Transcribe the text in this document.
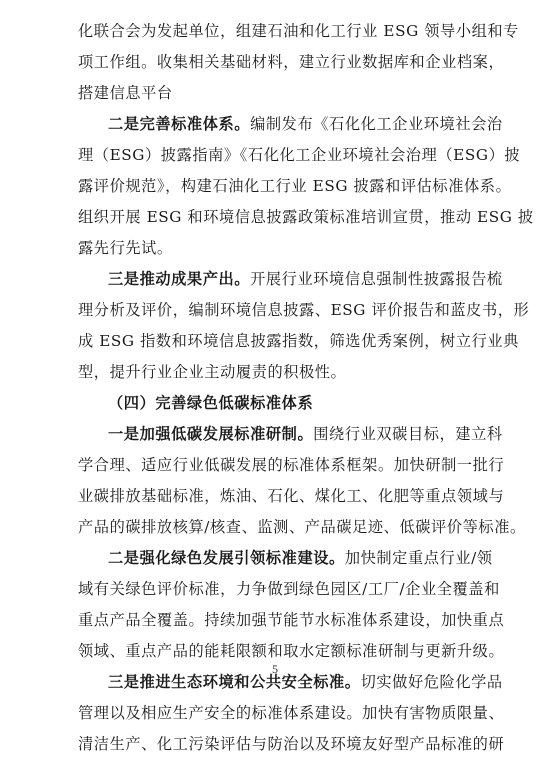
化联合会为发起单位，组建石油和化工行业 ESG 领导小组和专
项工作组。收集相关基础材料，建立行业数据库和企业档案，
搭建信息平台
二是完善标准体系。编制发布《石化化工企业环境社会治
理（ESG）披露指南》《石化化工企业环境社会治理（ESG）披
露评价规范》，构建石油化工行业 ESG 披露和评估标准体系。
组织开展 ESG 和环境信息披露政策标准培训宣贯，推动 ESG 披
露先行先试。
三是推动成果产出。开展行业环境信息强制性披露报告梳
理分析及评价，编制环境信息披露、ESG 评价报告和蓝皮书，形
成 ESG 指数和环境信息披露指数，筛选优秀案例，树立行业典
型，提升行业企业主动履责的积极性。
（四）完善绿色低碳标准体系
一是加强低碳发展标准研制。围绕行业双碳目标，建立科
学合理、适应行业低碳发展的标准体系框架。加快研制一批行
业碳排放基础标准，炼油、石化、煤化工、化肥等重点领域与
产品的碳排放核算/核查、监测、产品碳足迹、低碳评价等标准。
二是强化绿色发展引领标准建设。加快制定重点行业/领
域有关绿色评价标准，力争做到绿色园区/工厂/企业全覆盖和
重点产品全覆盖。持续加强节能节水标准体系建设，加快重点
领域、重点产品的能耗限额和取水定额标准研制与更新升级。
三是推进生态环境和公共安全标准。切实做好危险化学品
管理以及相应生产安全的标准体系建设。加快有害物质限量、
清洁生产、化工污染评估与防治以及环境友好型产品标准的研
5
